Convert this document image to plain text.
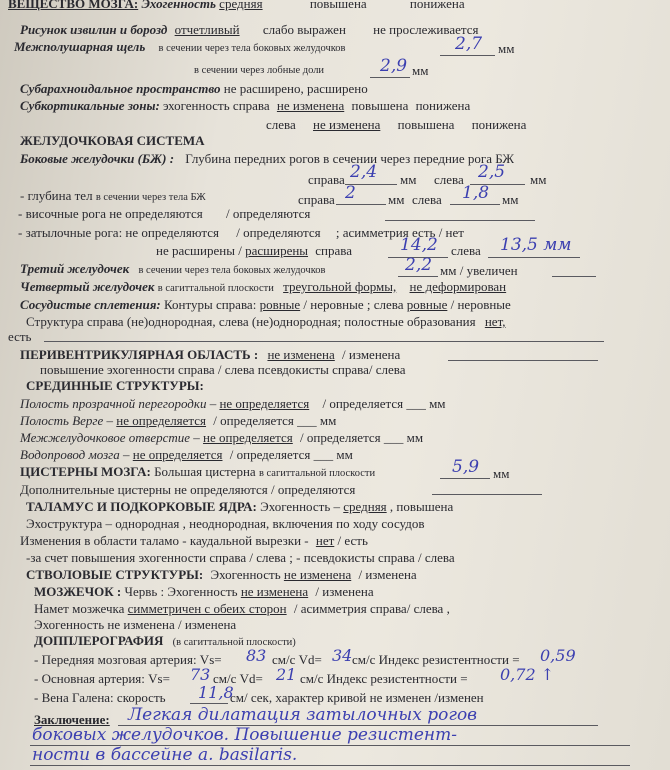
ВЕЩЕСТВО МОЗГА: Эхогенность средняя	повышена	понижена
Рисунок извилин и борозд отчетливый слабо выражен не прослеживается
Межполушарная щель в сечении через тела боковых желудочков	2,7 мм
в сечении через лобные доли	2,9 мм
Субарахноидальное пространство не расширено, расширено
Субкортикальные зоны: эхогенность справа не изменена повышена понижена
слева не изменена повышена понижена
ЖЕЛУДОЧКОВАЯ СИСТЕМА
Боковые желудочки (БЖ) : Глубина передних рогов в сечении через передние рога БЖ
справа 2,4 мм слева 2,5 мм
- глубина тел в сечении через тела БЖ	справа 2 мм слева 1,8 мм
- височные рога не определяются / определяются
- затылочные рога: не определяются / определяются ; асимметрия есть / нет
не расширены / расширены справа	14,2 слева 13,5 мм
Третий желудочек в сечении через тела боковых желудочков	2,2 мм / увеличен
Четвертый желудочек в сагиттальной плоскости треугольной формы, не деформирован
Сосудистые сплетения: Контуры справа: ровные / неровные ; слева ровные / неровные
Структура справа (не)однородная, слева (не)однородная; полостные образования нет,
есть
ПЕРИВЕНТРИКУЛЯРНАЯ ОБЛАСТЬ : не изменена / изменена
повышение эхогенности справа / слева псевдокисты справа/ слева
СРЕДИННЫЕ СТРУКТУРЫ:
Полость прозрачной перегородки – не определяется / определяется ___ мм
Полость Верге – не определяется / определяется ___ мм
Межжелудочковое отверстие – не определяется / определяется ___ мм
Водопровод мозга – не определяется / определяется ___ мм
ЦИСТЕРНЫ МОЗГА: Большая цистерна в сагиттальной плоскости	5,9 мм
Дополнительные цистерны не определяются / определяются
ТАЛАМУС И ПОДКОРКОВЫЕ ЯДРА: Эхогенность – средняя , повышена
Эхоструктура – однородная , неоднородная, включения по ходу сосудов
Изменения в области таламо - каудальной вырезки - нет / есть
-за счет повышения эхогенности справа / слева ; - псевдокисты справа / слева
СТВОЛОВЫЕ СТРУКТУРЫ: Эхогенность не изменена / изменена
МОЗЖЕЧОК : Червь : Эхогенность не изменена / изменена
Намет мозжечка симметричен с обеих сторон / асимметрия справа/ слева ,
Эхогенность не изменена / изменена
ДОППЛЕРОГРАФИЯ (в сагиттальной плоскости)
- Передняя мозговая артерия: Vs= 83 см/с Vd= 34 см/с Индекс резистентности = 0,59
- Основная артерия: Vs= 73 см/с Vd= 21 см/с Индекс резистентности = 0,72 ↑
- Вена Галена: скорость 11,8
см/ сек, характер кривой не изменен /изменен
Заключение: Легкая дилатация затылочных рогов
боковых желудочков. Повышение резистент-
ности в бассейне а. basilaris.
